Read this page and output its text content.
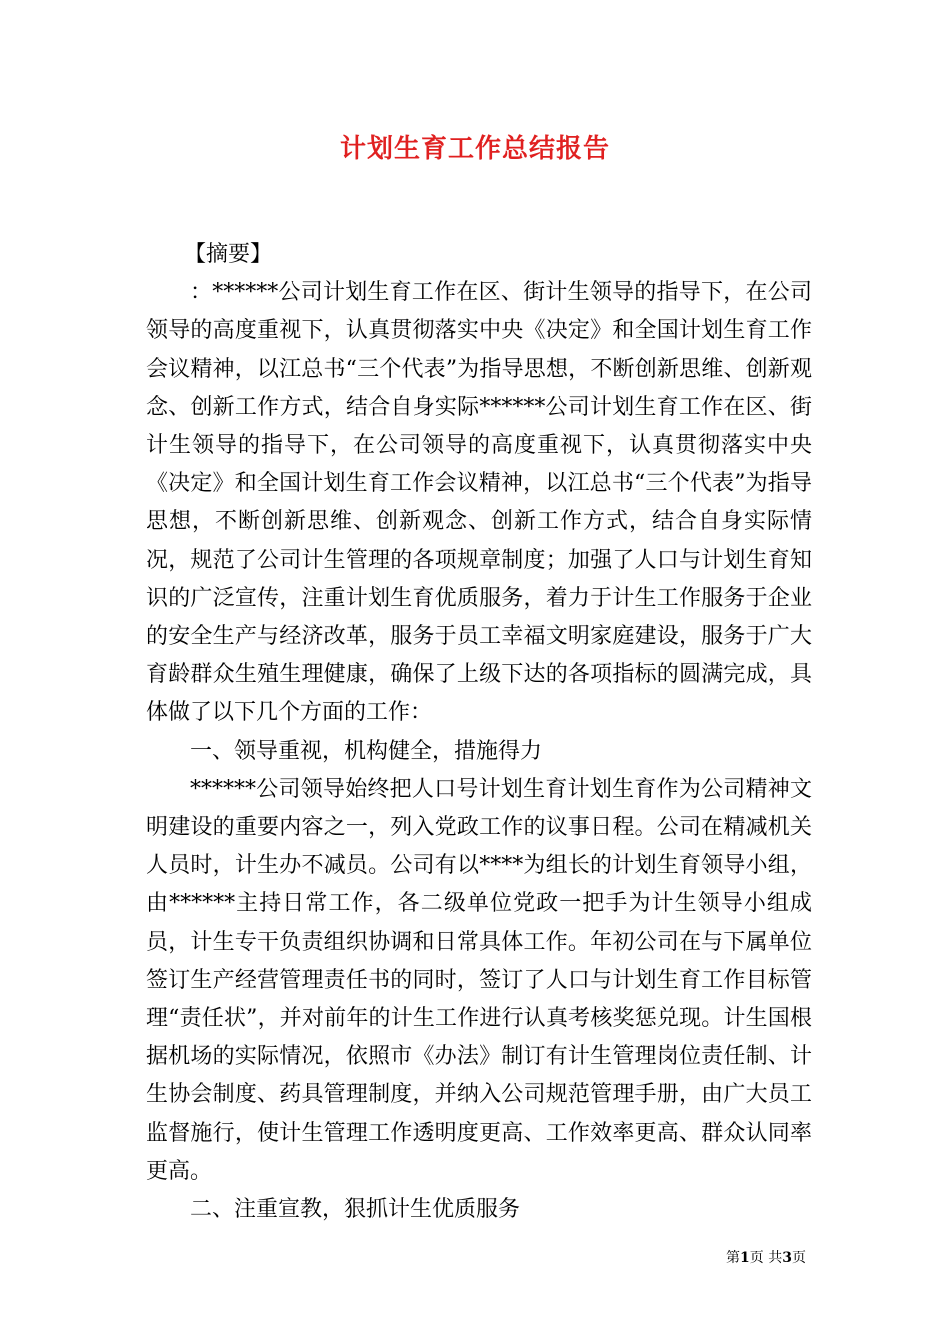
计划生育工作总结报告

【摘要】

：******公司计划生育工作在区、街计生领导的指导下，在公司领导的高度重视下，认真贯彻落实中央《决定》和全国计划生育工作会议精神，以江总书“三个代表”为指导思想，不断创新思维、创新观念、创新工作方式，结合自身实际******公司计划生育工作在区、街计生领导的指导下，在公司领导的高度重视下，认真贯彻落实中央《决定》和全国计划生育工作会议精神，以江总书“三个代表”为指导思想，不断创新思维、创新观念、创新工作方式，结合自身实际情况，规范了公司计生管理的各项规章制度；加强了人口与计划生育知识的广泛宣传，注重计划生育优质服务，着力于计生工作服务于企业的安全生产与经济改革，服务于员工幸福文明家庭建设，服务于广大育龄群众生殖生理健康，确保了上级下达的各项指标的圆满完成，具体做了以下几个方面的工作：

一、领导重视，机构健全，措施得力

******公司领导始终把人口号计划生育计划生育作为公司精神文明建设的重要内容之一，列入党政工作的议事日程。公司在精减机关人员时，计生办不减员。公司有以****为组长的计划生育领导小组，由******主持日常工作，各二级单位党政一把手为计生领导小组成员，计生专干负责组织协调和日常具体工作。年初公司在与下属单位签订生产经营管理责任书的同时，签订了人口与计划生育工作目标管理“责任状”，并对前年的计生工作进行认真考核奖惩兑现。计生国根据机场的实际情况，依照市《办法》制订有计生管理岗位责任制、计生协会制度、药具管理制度，并纳入公司规范管理手册，由广大员工监督施行，使计生管理工作透明度更高、工作效率更高、群众认同率更高。

二、注重宣教，狠抓计生优质服务

第1页 共3页
